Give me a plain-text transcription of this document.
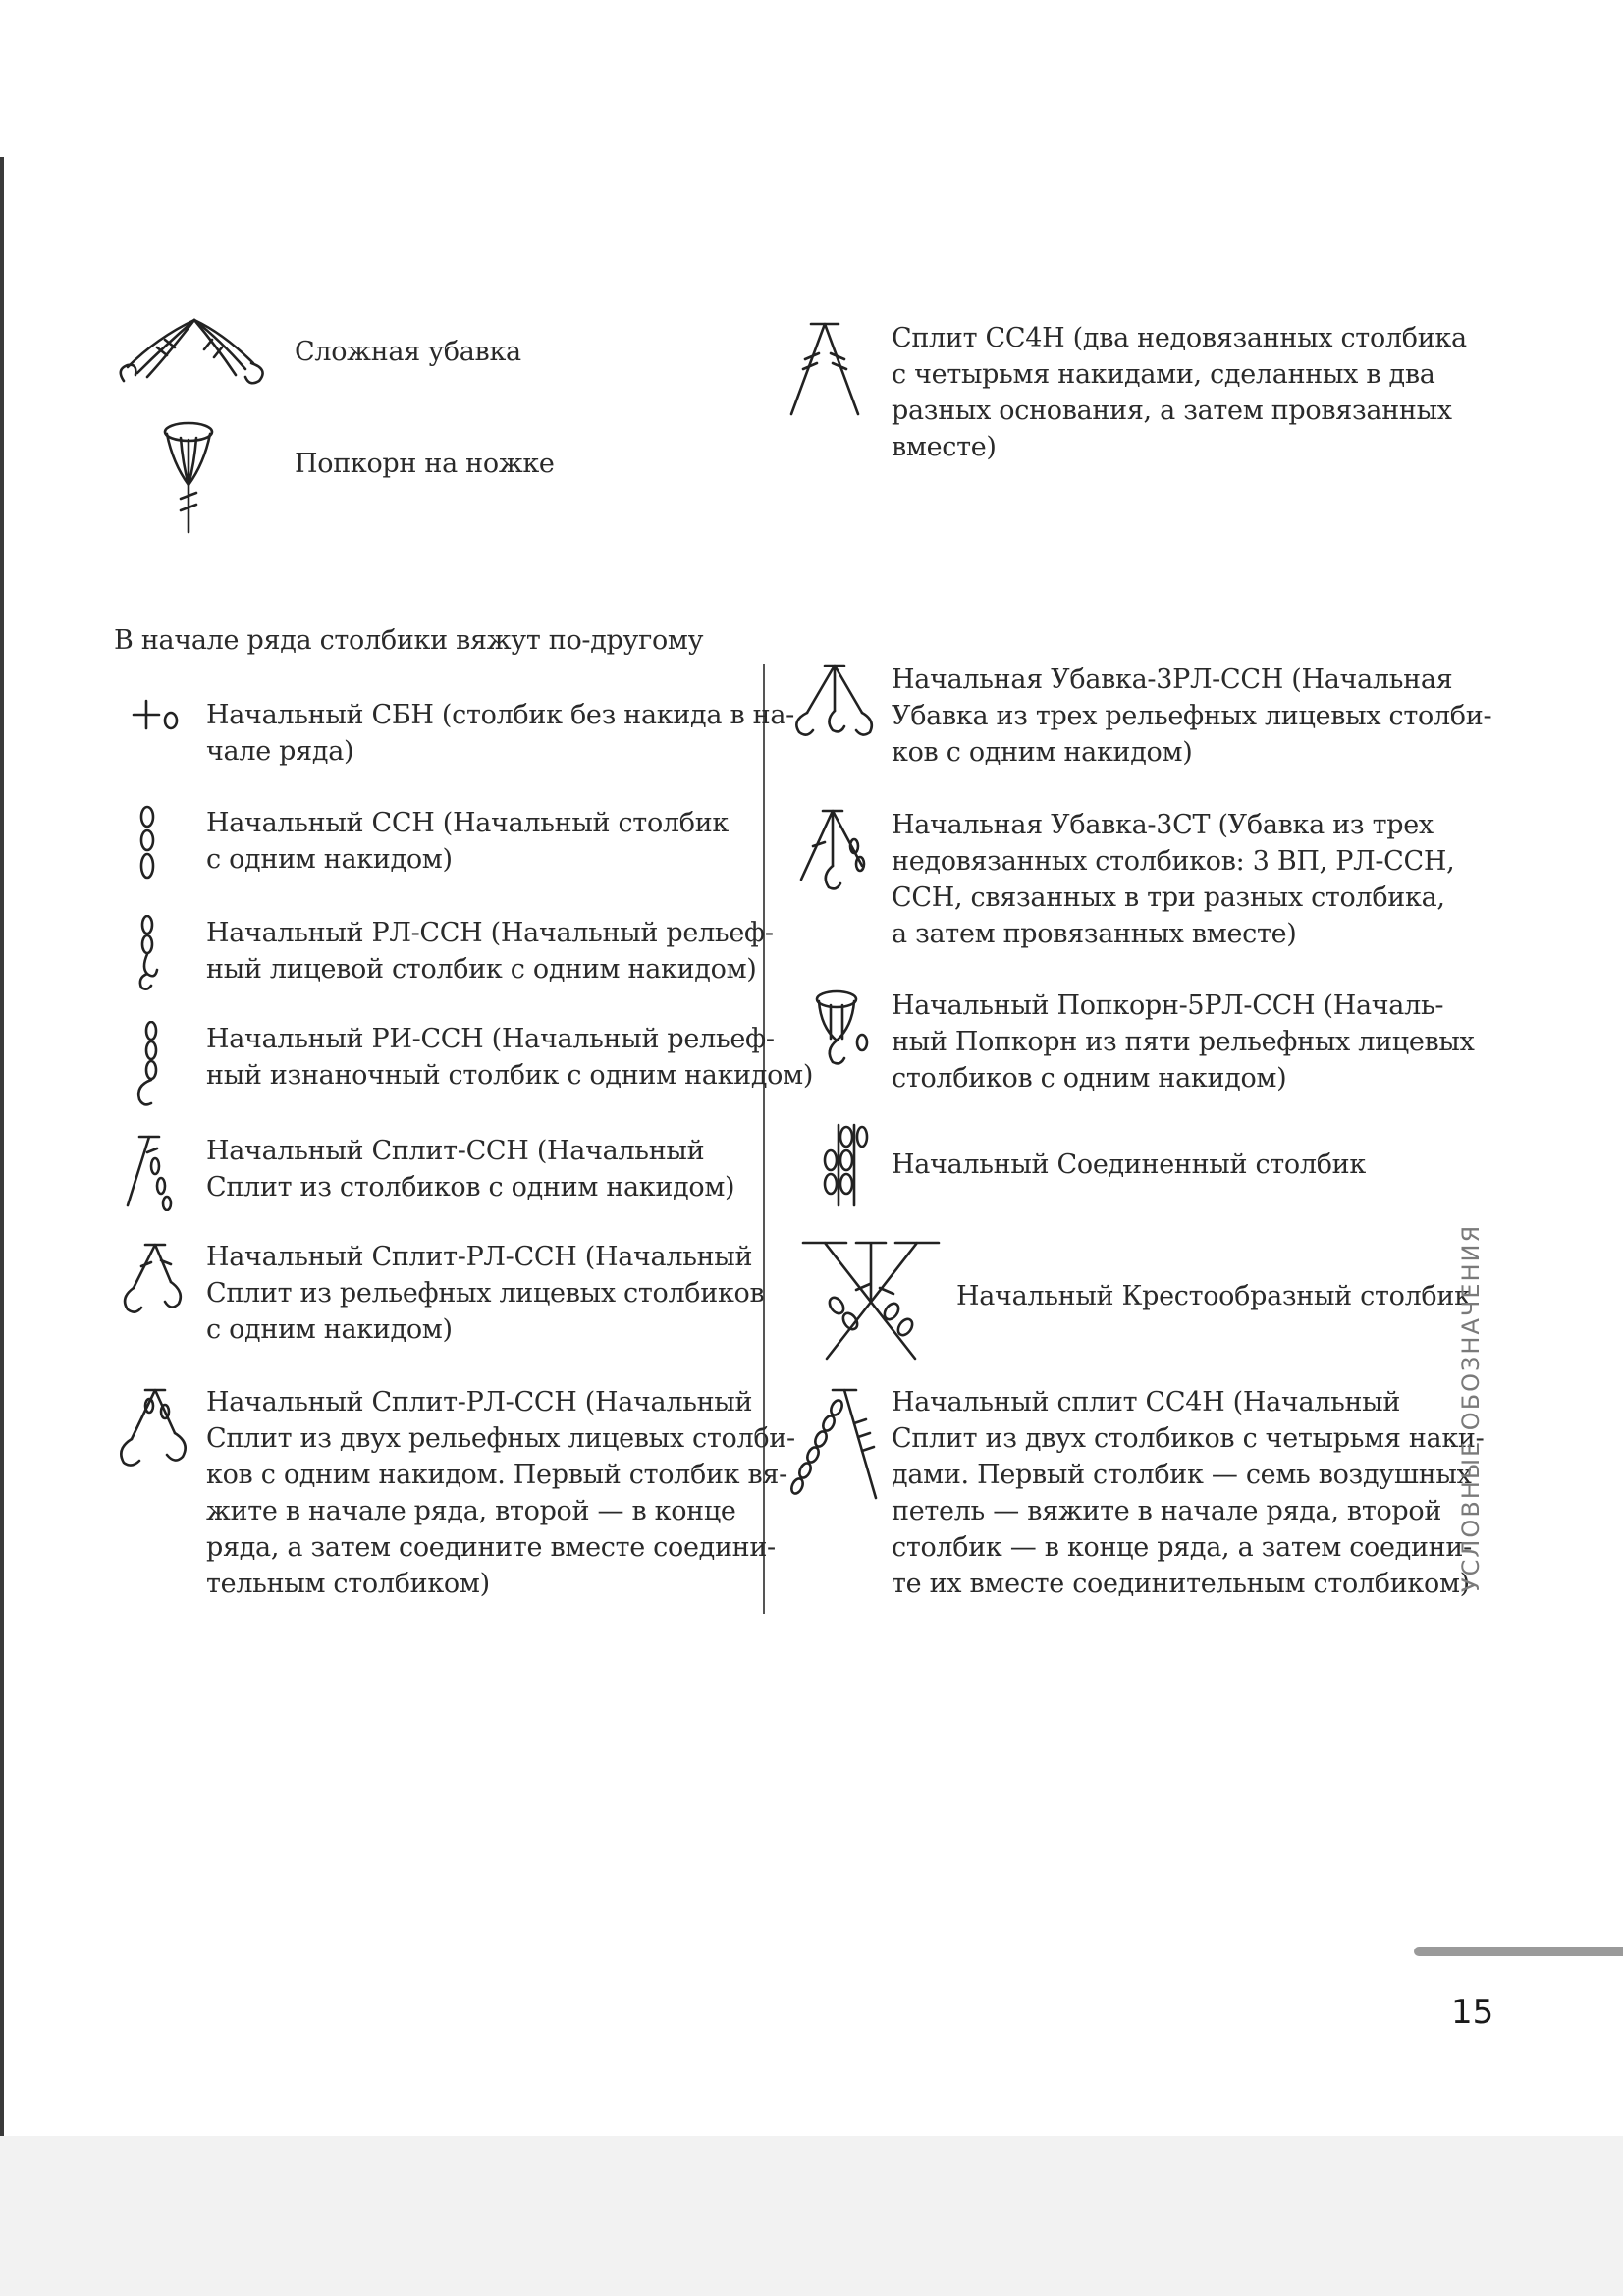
Сложная убавка
Попкорн на ножке
Сплит СС4Н (два недовязанных столбика
с четырьмя накидами, сделанных в два
разных основания, а затем провязанных
вместе)
В начале ряда столбики вяжут по-другому
Начальный СБН (столбик без накида в на-
чале ряда)
Начальный ССН (Начальный столбик
с одним накидом)
Начальный РЛ-ССН (Начальный рельеф-
ный лицевой столбик с одним накидом)
Начальный РИ-ССН (Начальный рельеф-
ный изнаночный столбик с одним накидом)
Начальный Сплит-ССН (Начальный
Сплит из столбиков с одним накидом)
Начальный Сплит-РЛ-ССН (Начальный
Сплит из рельефных лицевых столбиков
с одним накидом)
Начальный Сплит-РЛ-ССН (Начальный
Сплит из двух рельефных лицевых столби-
ков с одним накидом. Первый столбик вя-
жите в начале ряда, второй — в конце
ряда, а затем соедините вместе соедини-
тельным столбиком)
Начальная Убавка-3РЛ-ССН (Начальная
Убавка из трех рельефных лицевых столби-
ков с одним накидом)
Начальная Убавка-3СТ (Убавка из трех
недовязанных столбиков: 3 ВП, РЛ-ССН,
ССН, связанных в три разных столбика,
а затем провязанных вместе)
Начальный Попкорн-5РЛ-ССН (Началь-
ный Попкорн из пяти рельефных лицевых
столбиков с одним накидом)
Начальный Соединенный столбик
Начальный Крестообразный столбик
Начальный сплит СС4Н (Начальный
Сплит из двух столбиков с четырьмя наки-
дами. Первый столбик — семь воздушных
петель — вяжите в начале ряда, второй
столбик — в конце ряда, а затем соедини-
те их вместе соединительным столбиком)
УСЛОВНЫЕ ОБОЗНАЧЕНИЯ
15
